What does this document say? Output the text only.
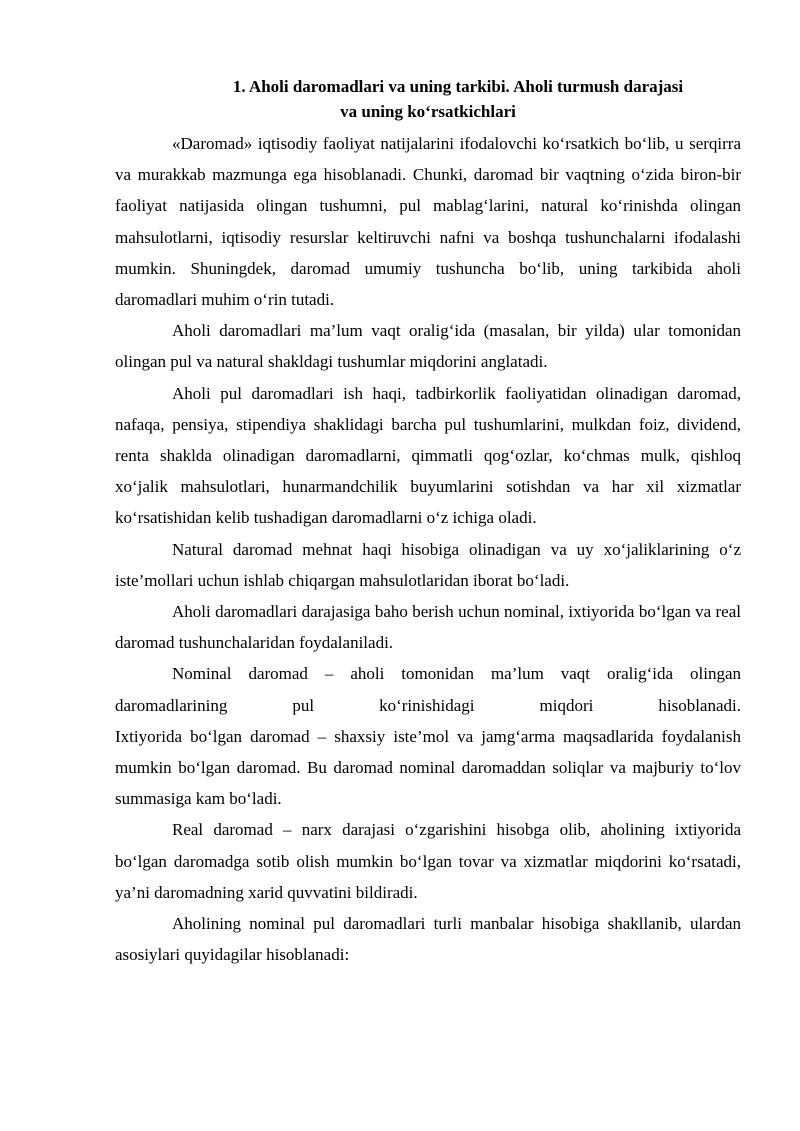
1. Aholi daromadlari va uning tarkibi. Aholi turmush darajasi
va uning ko‘rsatkichlari

«Daromad» iqtisodiy faoliyat natijalarini ifodalovchi ko‘rsatkich bo‘lib, u serqirra va murakkab mazmunga ega hisoblanadi. Chunki, daromad bir vaqtning o‘zida biron-bir faoliyat natijasida olingan tushumni, pul mablag‘larini, natural ko‘rinishda olingan mahsulotlarni, iqtisodiy resurslar keltiruvchi nafni va boshqa tushunchalarni ifodalashi mumkin. Shuningdek, daromad umumiy tushuncha bo‘lib, uning tarkibida aholi daromadlari muhim o‘rin tutadi.

Aholi daromadlari ma’lum vaqt oralig‘ida (masalan, bir yilda) ular tomonidan olingan pul va natural shakldagi tushumlar miqdorini anglatadi.

Aholi pul daromadlari ish haqi, tadbirkorlik faoliyatidan olinadigan daromad, nafaqa, pensiya, stipendiya shaklidagi barcha pul tushumlarini, mulkdan foiz, dividend, renta shaklda olinadigan daromadlarni, qimmatli qog‘ozlar, ko‘chmas mulk, qishloq xo‘jalik mahsulotlari, hunarmandchilik buyumlarini sotishdan va har xil xizmatlar ko‘rsatishidan kelib tushadigan daromadlarni o‘z ichiga oladi.

Natural daromad mehnat haqi hisobiga olinadigan va uy xo‘jaliklarining o‘z iste’mollari uchun ishlab chiqargan mahsulotlaridan iborat bo‘ladi.

Aholi daromadlari darajasiga baho berish uchun nominal, ixtiyorida bo‘lgan va real daromad tushunchalaridan foydalaniladi.

Nominal daromad – aholi tomonidan ma’lum vaqt oralig‘ida olingan

daromadlarining pul ko‘rinishidagi miqdori hisoblanadi.

Ixtiyorida bo‘lgan daromad – shaxsiy iste’mol va jamg‘arma maqsadlarida foydalanish mumkin bo‘lgan daromad. Bu daromad nominal daromaddan soliqlar va majburiy to‘lov summasiga kam bo‘ladi.

Real daromad – narx darajasi o‘zgarishini hisobga olib, aholining ixtiyorida bo‘lgan daromadga sotib olish mumkin bo‘lgan tovar va xizmatlar miqdorini ko‘rsatadi, ya’ni daromadning xarid quvvatini bildiradi.

Aholining nominal pul daromadlari turli manbalar hisobiga shakllanib, ulardan asosiylari quyidagilar hisoblanadi:
